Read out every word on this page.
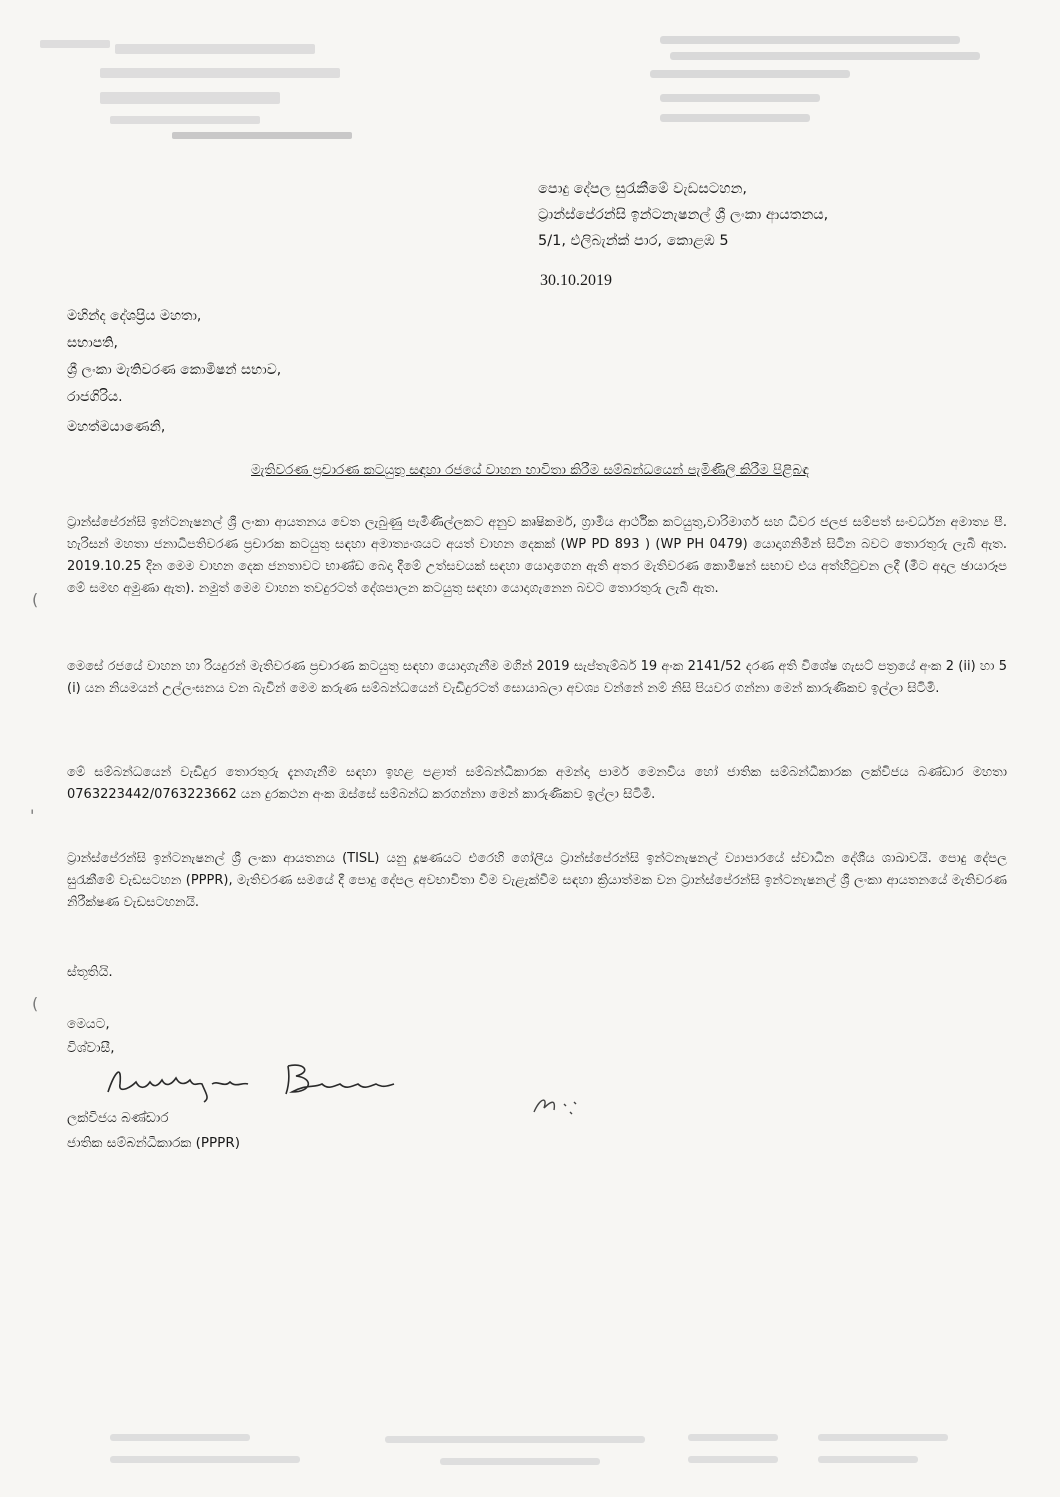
පොදු දේපල සුරැකීමේ වැඩසටහන,
ට්‍රාන්ස්පේරන්සි ඉන්ටනැෂනල් ශ්‍රී ලංකා ආයතනය,
5/1, එලිබැන්ක් පාර, කොළඹ 5
30.10.2019
මහින්ද දේශප්‍රිය මහතා,
සභාපති,
ශ්‍රී ලංකා මැතිවරණ කොමිෂන් සභාව,
රාජගිරිය.
මහත්මයාණෙනි,
මැතිවරණ ප්‍රචාරණ කටයුතු සඳහා රජයේ වාහන භාවිතා කිරීම සම්බන්ධයෙන් පැමිණිලි කිරීම පිළිබඳ
ට්‍රාන්ස්පේරන්සි ඉන්ටනැෂනල් ශ්‍රී ලංකා ආයතනය වෙත ලැබුණු පැමිණිල්ලකට අනුව කෘෂිකර්ම, ග්‍රාමීය ආර්ථික කටයුතු,වාරිමාර්ග සහ ධීවර ජලජ සම්පත් සංවර්ධන අමාත්‍ය පී. හැරිසන් මහතා ජනාධිපතිවරණ ප්‍රචාරක කටයුතු සඳහා අමාත්‍යංශයට අයත් වාහන දෙකක් (WP PD 893 ) (WP PH 0479) යොදාගනිමින් සිටින බවට තොරතුරු ලැබී ඇත. 2019.10.25 දින මෙම වාහන දෙක ජනතාවට භාණ්ඩ බෙදා දීමේ උත්සවයක් සඳහා යොදාගෙන ඇති අතර මැතිවරණ කොමිෂන් සභාව එය අත්හිටුවන ලදී (මීට අදාල ඡායාරූප මේ සමඟ අමුණා ඇත). නමුත් මෙම වාහන තවදුරටත් දේශපාලන කටයුතු සඳහා යොදාගැනෙන බවට තොරතුරු ලැබී ඇත.
මෙසේ රජයේ වාහන හා රියදුරන් මැතිවරණ ප්‍රචාරණ කටයුතු සඳහා යොදාගැනීම මගින් 2019 සැප්තැම්බර් 19 අංක 2141/52 දරණ අති විශේෂ ගැසට් පත්‍රයේ අංක 2 (ii) හා 5 (i) යන නියමයන් උල්ලංඝනය වන බැවින් මෙම කරුණ සම්බන්ධයෙන් වැඩිදුරටත් සොයාබලා අවශ්‍ය වන්නේ නම් නිසි පියවර ගන්නා මෙන් කාරුණිකව ඉල්ලා සිටිමි.
මේ සම්බන්ධයෙන් වැඩිදුර තොරතුරු දැනගැනීම සඳහා ඉහළ පළාත් සම්බන්ධීකාරක අමන්දා පාර්ම මෙනවිය හෝ ජාතික සම්බන්ධීකාරක ලක්විජය බණ්ඩාර මහතා 0763223442/0763223662 යන දුරකථන අංක ඔස්සේ සම්බන්ධ කරගන්නා මෙන් කාරුණිකව ඉල්ලා සිටිමි.
ට්‍රාන්ස්පේරන්සි ඉන්ටනැෂනල් ශ්‍රී ලංකා ආයතනය (TISL) යනු දූෂණයට එරෙහි ගෝලීය ට්‍රාන්ස්පේරන්සි ඉන්ටනැෂනල් ව්‍යාපාරයේ ස්වාධීන දේශීය ශාඛාවයි. පොදු දේපල සුරැකීමේ වැඩසටහන (PPPR), මැතිවරණ සමයේ දී පොදු දේපල අවභාවිතා වීම වැළැක්වීම සඳහා ක්‍රියාත්මක වන ට්‍රාන්ස්පේරන්සි ඉන්ටනැෂනල් ශ්‍රී ලංකා ආයතනයේ මැතිවරණ නිරීක්ෂණ වැඩසටහනයි.
ස්තූතියි.
මෙයට,
විශ්වාසී,
ලක්විජය බණ්ඩාර
ජාතික සම්බන්ධීකාරක (PPPR)
(
'
(
